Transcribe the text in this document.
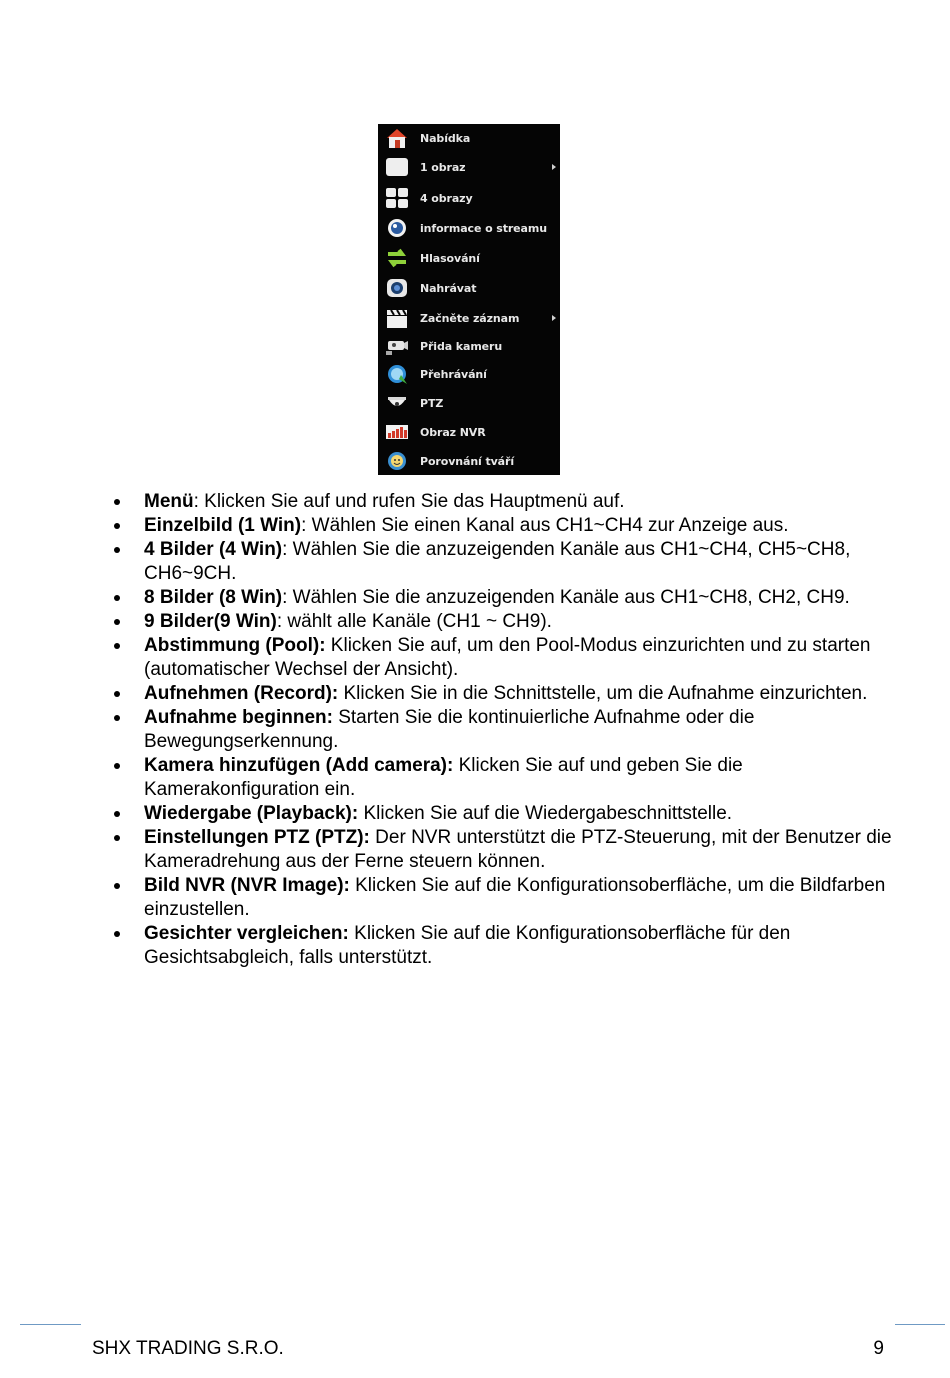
Nabídka
1 obraz
4 obrazy
informace o streamu
Hlasování
Nahrávat
Začněte záznam
Přida kameru
Přehrávání
PTZ
Obraz NVR
Porovnání tváří
Menü: Klicken Sie auf und rufen Sie das Hauptmenü auf.
Einzelbild (1 Win): Wählen Sie einen Kanal aus CH1~CH4 zur Anzeige aus.
4 Bilder (4 Win): Wählen Sie die anzuzeigenden Kanäle aus CH1~CH4, CH5~CH8, CH6~9CH.
8 Bilder (8 Win): Wählen Sie die anzuzeigenden Kanäle aus CH1~CH8, CH2, CH9.
9 Bilder(9 Win): wählt alle Kanäle (CH1 ~ CH9).
Abstimmung (Pool): Klicken Sie auf, um den Pool-Modus einzurichten und zu starten (automatischer Wechsel der Ansicht).
Aufnehmen (Record): Klicken Sie in die Schnittstelle, um die Aufnahme einzurichten.
Aufnahme beginnen: Starten Sie die kontinuierliche Aufnahme oder die Bewegungserkennung.
Kamera hinzufügen (Add camera): Klicken Sie auf und geben Sie die Kamerakonfiguration ein.
Wiedergabe (Playback): Klicken Sie auf die Wiedergabeschnittstelle.
Einstellungen PTZ (PTZ): Der NVR unterstützt die PTZ-Steuerung, mit der Benutzer die Kameradrehung aus der Ferne steuern können.
Bild NVR (NVR Image): Klicken Sie auf die Konfigurationsoberfläche, um die Bildfarben einzustellen.
Gesichter vergleichen: Klicken Sie auf die Konfigurationsoberfläche für den Gesichtsabgleich, falls unterstützt.
SHX TRADING S.R.O.	9
